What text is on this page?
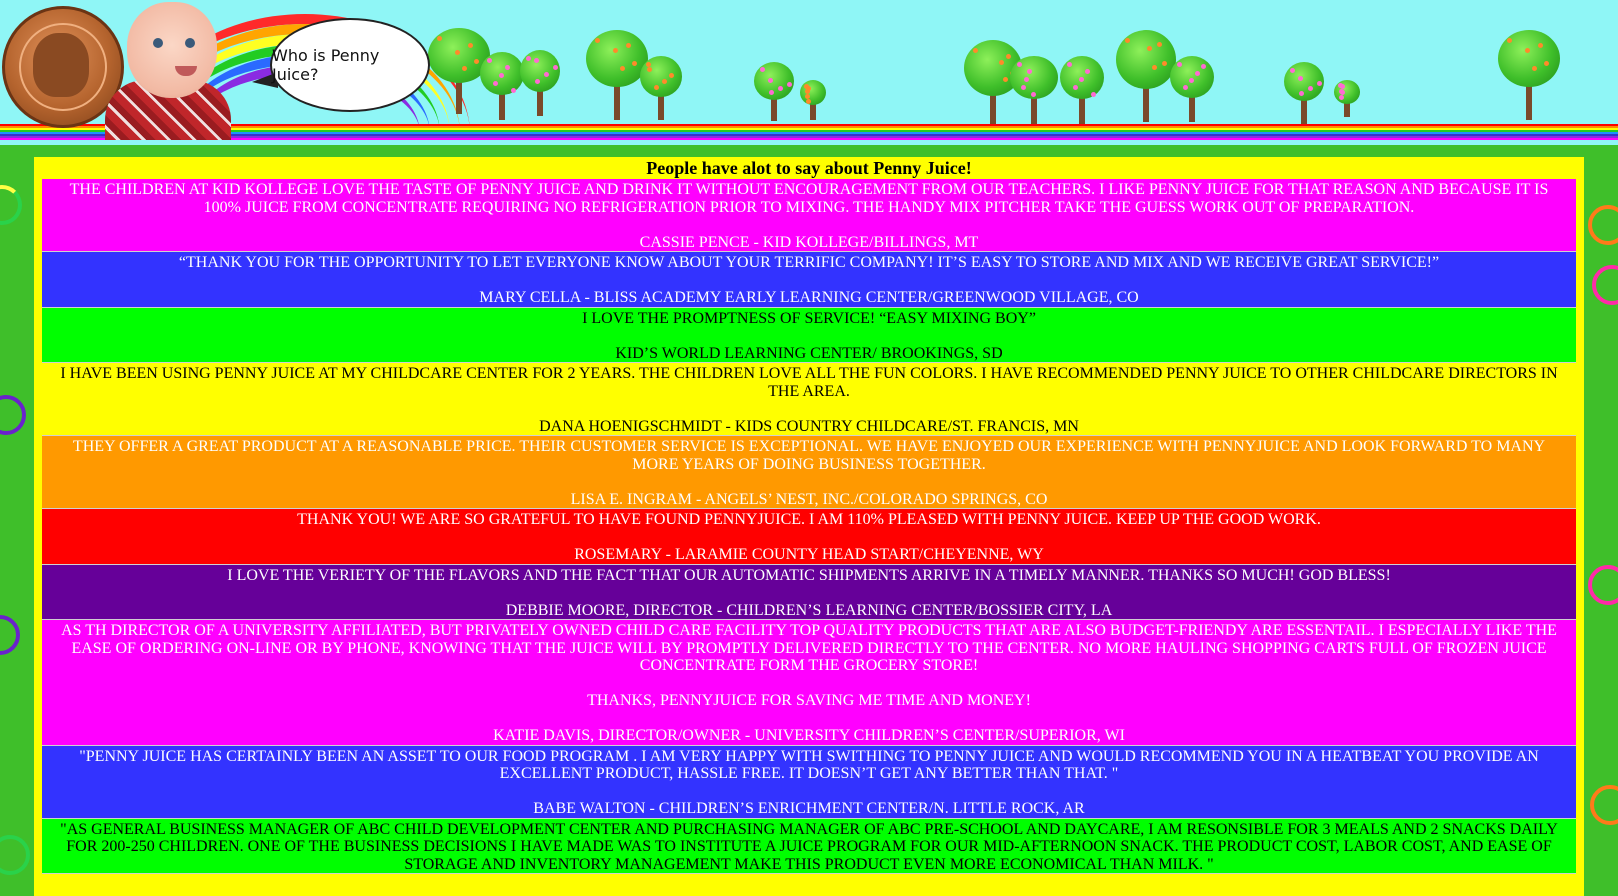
Who is Penny Juice?
People have alot to say about Penny Juice!

THE CHILDREN AT KID KOLLEGE LOVE THE TASTE OF PENNY JUICE AND DRINK IT WITHOUT ENCOURAGEMENT FROM OUR TEACHERS. I LIKE PENNY JUICE FOR THAT REASON AND BECAUSE IT IS 100% JUICE FROM CONCENTRATE REQUIRING NO REFRIGERATION PRIOR TO MIXING. THE HANDY MIX PITCHER TAKE THE GUESS WORK OUT OF PREPARATION.

CASSIE PENCE - KID KOLLEGE/BILLINGS, MT

“THANK YOU FOR THE OPPORTUNITY TO LET EVERYONE KNOW ABOUT YOUR TERRIFIC COMPANY! IT’S EASY TO STORE AND MIX AND WE RECEIVE GREAT SERVICE!”

MARY CELLA - BLISS ACADEMY EARLY LEARNING CENTER/GREENWOOD VILLAGE, CO

I LOVE THE PROMPTNESS OF SERVICE! “EASY MIXING BOY”

KID’S WORLD LEARNING CENTER/ BROOKINGS, SD

I HAVE BEEN USING PENNY JUICE AT MY CHILDCARE CENTER FOR 2 YEARS. THE CHILDREN LOVE ALL THE FUN COLORS. I HAVE RECOMMENDED PENNY JUICE TO OTHER CHILDCARE DIRECTORS IN THE AREA.

DANA HOENIGSCHMIDT - KIDS COUNTRY CHILDCARE/ST. FRANCIS, MN

THEY OFFER A GREAT PRODUCT AT A REASONABLE PRICE. THEIR CUSTOMER SERVICE IS EXCEPTIONAL. WE HAVE ENJOYED OUR EXPERIENCE WITH PENNYJUICE AND LOOK FORWARD TO MANY MORE YEARS OF DOING BUSINESS TOGETHER.

LISA E. INGRAM - ANGELS’ NEST, INC./COLORADO SPRINGS, CO

THANK YOU! WE ARE SO GRATEFUL TO HAVE FOUND PENNYJUICE. I AM 110% PLEASED WITH PENNY JUICE. KEEP UP THE GOOD WORK.

ROSEMARY - LARAMIE COUNTY HEAD START/CHEYENNE, WY

I LOVE THE VERIETY OF THE FLAVORS AND THE FACT THAT OUR AUTOMATIC SHIPMENTS ARRIVE IN A TIMELY MANNER. THANKS SO MUCH! GOD BLESS!

DEBBIE MOORE, DIRECTOR - CHILDREN’S LEARNING CENTER/BOSSIER CITY, LA

AS TH DIRECTOR OF A UNIVERSITY AFFILIATED, BUT PRIVATELY OWNED CHILD CARE FACILITY TOP QUALITY PRODUCTS THAT ARE ALSO BUDGET-FRIENDY ARE ESSENTAIL. I ESPECIALLY LIKE THE EASE OF ORDERING ON-LINE OR BY PHONE, KNOWING THAT THE JUICE WILL BY PROMPTLY DELIVERED DIRECTLY TO THE CENTER. NO MORE HAULING SHOPPING CARTS FULL OF FROZEN JUICE CONCENTRATE FORM THE GROCERY STORE!

THANKS, PENNYJUICE FOR SAVING ME TIME AND MONEY!

KATIE DAVIS, DIRECTOR/OWNER - UNIVERSITY CHILDREN’S CENTER/SUPERIOR, WI

"PENNY JUICE HAS CERTAINLY BEEN AN ASSET TO OUR FOOD PROGRAM . I AM VERY HAPPY WITH SWITHING TO PENNY JUICE AND WOULD RECOMMEND YOU IN A HEATBEAT YOU PROVIDE AN EXCELLENT PRODUCT, HASSLE FREE. IT DOESN’T GET ANY BETTER THAN THAT. "

BABE WALTON - CHILDREN’S ENRICHMENT CENTER/N. LITTLE ROCK, AR

"AS GENERAL BUSINESS MANAGER OF ABC CHILD DEVELOPMENT CENTER AND PURCHASING MANAGER OF ABC PRE-SCHOOL AND DAYCARE, I AM RESONSIBLE FOR 3 MEALS AND 2 SNACKS DAILY FOR 200-250 CHILDREN. ONE OF THE BUSINESS DECISIONS I HAVE MADE WAS TO INSTITUTE A JUICE PROGRAM FOR OUR MID-AFTERNOON SNACK. THE PRODUCT COST, LABOR COST, AND EASE OF STORAGE AND INVENTORY MANAGEMENT MAKE THIS PRODUCT EVEN MORE ECONOMICAL THAN MILK. "
